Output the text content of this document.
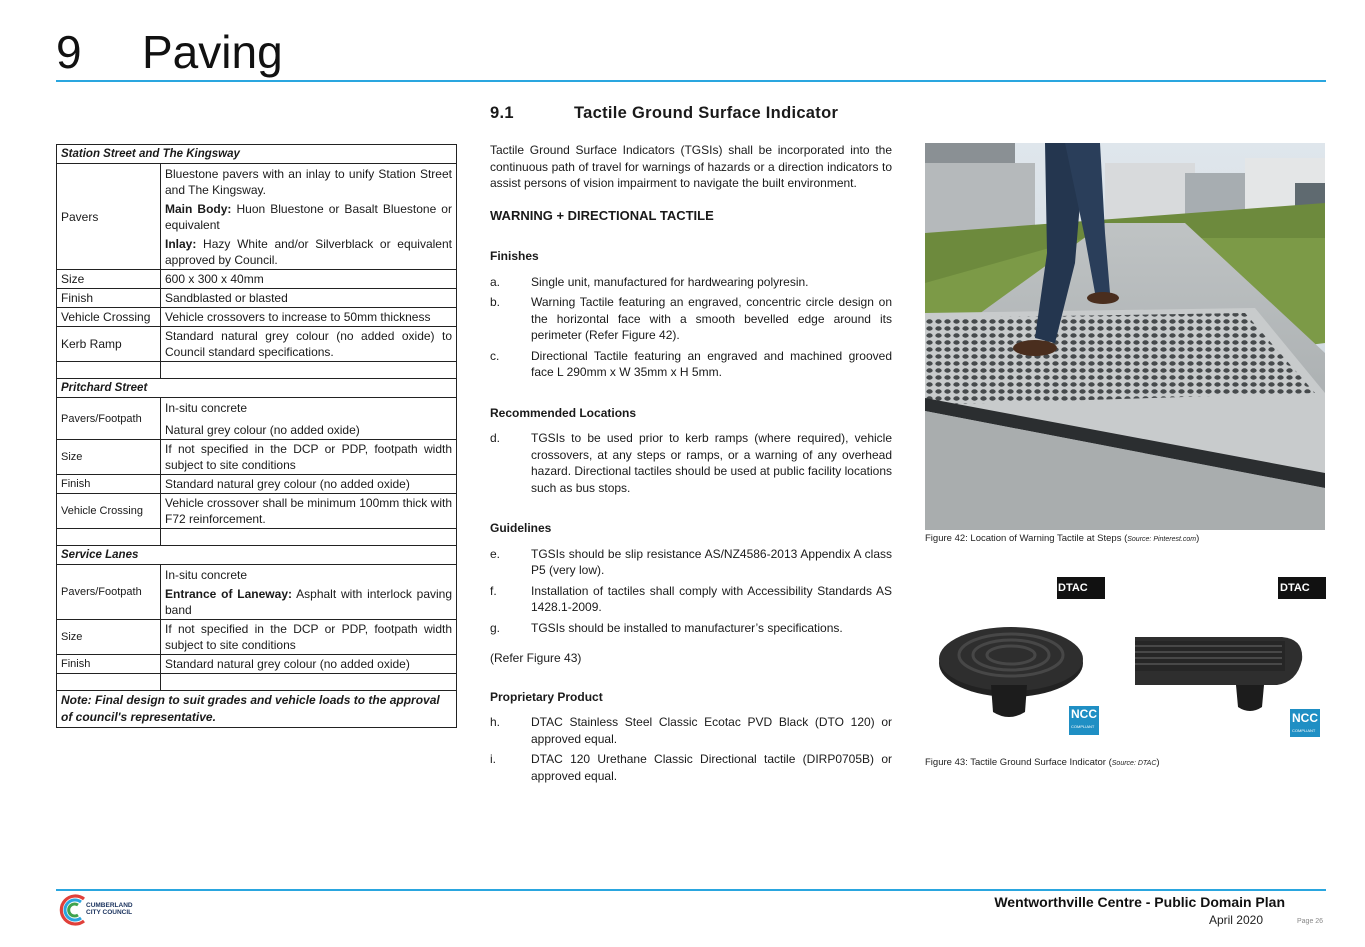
9 Paving
Station Street and The Kingsway	
Pavers	Bluestone pavers with an inlay to unify Station Street and The Kingsway.

Main Body: Huon Bluestone or Basalt Bluestone or equivalent

Inlay: Hazy White and/or Silverblack or equivalent approved by Council.

Size	600 x 300 x 40mm
Finish	Sandblasted or blasted
Vehicle Crossing	Vehicle crossovers to increase to 50mm thickness
Kerb Ramp	Standard natural grey colour (no added oxide) to Council standard specifications.

Pritchard Street	
Pavers/Footpath	In-situ concrete

Natural grey colour (no added oxide)

Size	If not specified in the DCP or PDP, footpath width subject to site conditions
Finish	Standard natural grey colour (no added oxide)
Vehicle Crossing	Vehicle crossover shall be minimum 100mm thick with F72 reinforcement.

Service Lanes	
Pavers/Footpath	In-situ concrete

Entrance of Laneway: Asphalt with interlock paving band

Size	If not specified in the DCP or PDP, footpath width subject to site conditions
Finish	Standard natural grey colour (no added oxide)

Note: Final design to suit grades and vehicle loads to the approval of council's representative.	
9.1	Tactile Ground Surface Indicator

Tactile Ground Surface Indicators (TGSIs) shall be incorporated into the continuous path of travel for warnings of hazards or a direction indicators to assist persons of vision impairment to navigate the built environment.

WARNING + DIRECTIONAL TACTILE
Finishes
a.	Single unit, manufactured for hardwearing polyresin.
b.	Warning Tactile featuring an engraved, concentric circle design on the horizontal face with a smooth bevelled edge around its perimeter (Refer Figure 42).
c.	Directional Tactile featuring an engraved and machined grooved face L 290mm x W 35mm x H 5mm.
Recommended Locations
d.	TGSIs to be used prior to kerb ramps (where required), vehicle crossovers, at any steps or ramps, or a warning of any overhead hazard. Directional tactiles should be used at public facility locations such as bus stops.
Guidelines
e.	TGSIs should be slip resistance AS/NZ4586-2013 Appendix A class P5 (very low).
f.	Installation of tactiles shall comply with Accessibility Standards AS 1428.1-2009.
g.	TGSIs should be installed to manufacturer’s specifications.

(Refer Figure 43)

Proprietary Product
h.	DTAC Stainless Steel Classic Ecotac PVD Black (DTO 120) or approved equal.
i.	DTAC 120 Urethane Classic Directional tactile (DIRP0705B) or approved equal.
Figure 42: Location of Warning Tactile at Steps (Source: Pinterest.com)
DTAC
NCC
COMPLIANT
DTAC
NCC
COMPLIANT
Figure 43: Tactile Ground Surface Indicator (Source: DTAC)
CUMBERLAND
CITY COUNCIL
Wentworthville Centre - Public Domain Plan
April 2020	Page 26
